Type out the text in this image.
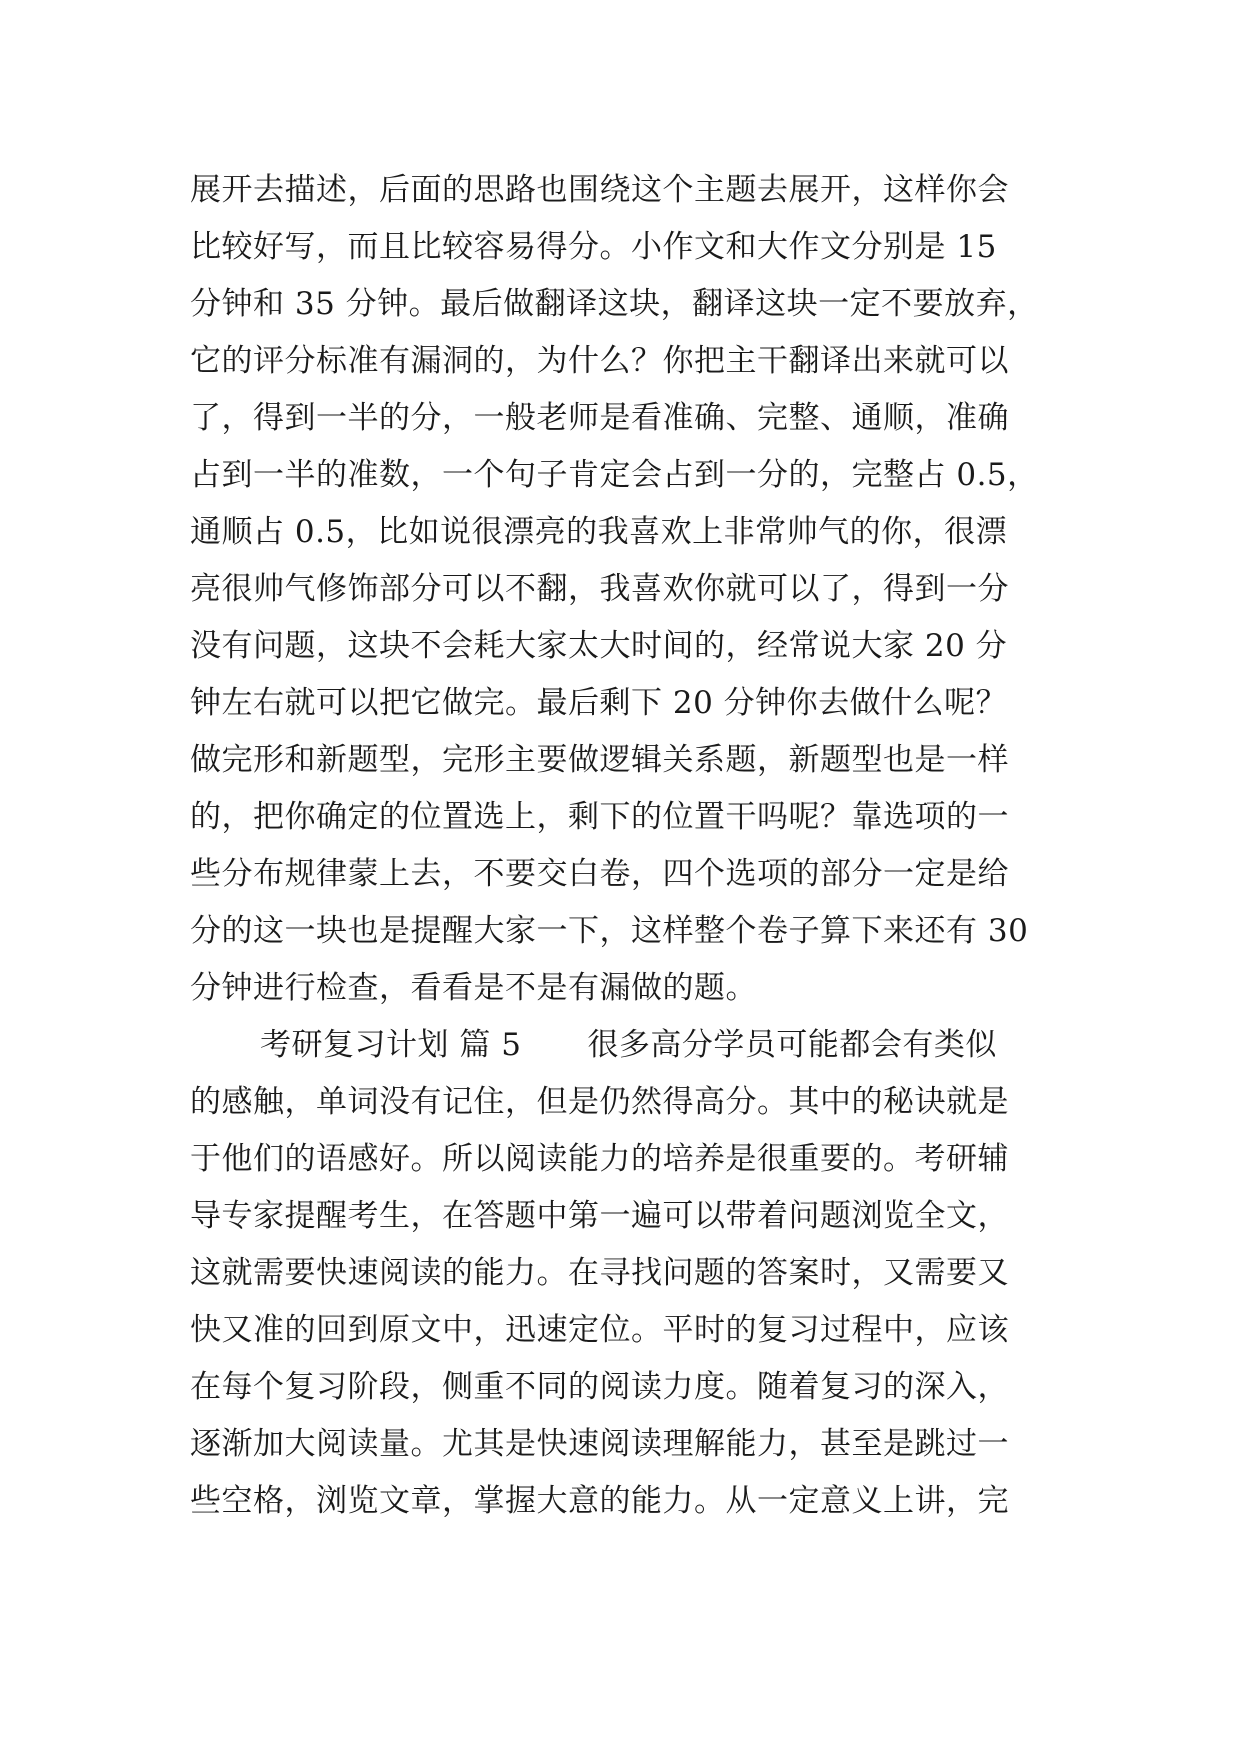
展开去描述，后面的思路也围绕这个主题去展开，这样你会
比较好写，而且比较容易得分。小作文和大作文分别是 15
分钟和 35 分钟。最后做翻译这块，翻译这块一定不要放弃，
它的评分标准有漏洞的，为什么？你把主干翻译出来就可以
了，得到一半的分，一般老师是看准确、完整、通顺，准确
占到一半的准数，一个句子肯定会占到一分的，完整占 0.5，
通顺占 0.5，比如说很漂亮的我喜欢上非常帅气的你，很漂
亮很帅气修饰部分可以不翻，我喜欢你就可以了，得到一分
没有问题，这块不会耗大家太大时间的，经常说大家 20 分
钟左右就可以把它做完。最后剩下 20 分钟你去做什么呢？
做完形和新题型，完形主要做逻辑关系题，新题型也是一样
的，把你确定的位置选上，剩下的位置干吗呢？靠选项的一
些分布规律蒙上去，不要交白卷，四个选项的部分一定是给
分的这一块也是提醒大家一下，这样整个卷子算下来还有 30
分钟进行检查，看看是不是有漏做的题。
考研复习计划 篇 5 很多高分学员可能都会有类似
的感触，单词没有记住，但是仍然得高分。其中的秘诀就是
于他们的语感好。所以阅读能力的培养是很重要的。考研辅
导专家提醒考生，在答题中第一遍可以带着问题浏览全文，
这就需要快速阅读的能力。在寻找问题的答案时，又需要又
快又准的回到原文中，迅速定位。平时的复习过程中，应该
在每个复习阶段，侧重不同的阅读力度。随着复习的深入，
逐渐加大阅读量。尤其是快速阅读理解能力，甚至是跳过一
些空格，浏览文章，掌握大意的能力。从一定意义上讲，完
